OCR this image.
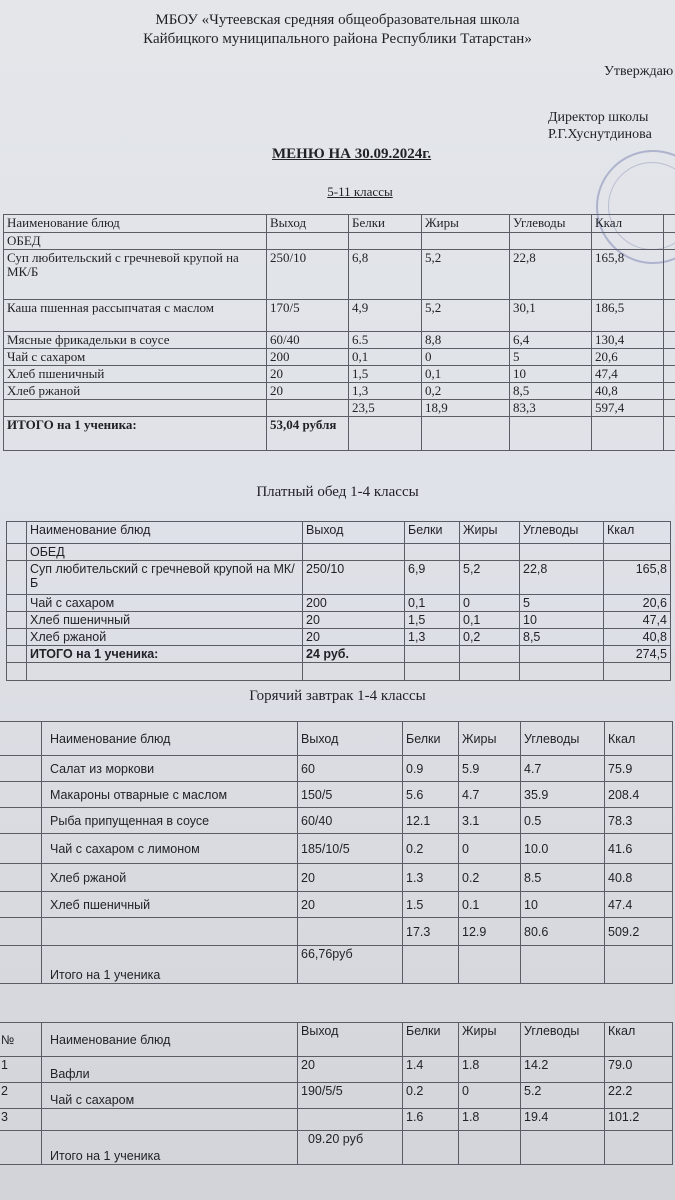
МБОУ «Чутеевская средняя общеобразовательная школа
Кайбицкого муниципального района Республики Татарстан»
Утверждаю
Директор школы
Р.Г.Хуснутдинова
МЕНЮ НА 30.09.2024г.
5-11 классы
Наименование блюд	Выход	Белки	Жиры	Углеводы	Ккал	
ОБЕД						
Суп любительский с гречневой крупой на МК/Б	250/10	6,8	5,2	22,8	165,8	
Каша пшенная рассыпчатая с маслом	170/5	4,9	5,2	30,1	186,5	
Мясные фрикадельки в соусе	60/40	6.5	8,8	6,4	130,4	
Чай с сахаром	200	0,1	0	5	20,6	
Хлеб пшеничный	20	1,5	0,1	10	47,4	
Хлеб ржаной	20	1,3	0,2	8,5	40,8	
		23,5	18,9	83,3	597,4	
ИТОГО на 1 ученика:	53,04 рубля					
Платный обед 1-4 классы
	Наименование блюд	Выход	Белки	Жиры	Углеводы	Ккал
	ОБЕД					
	Суп любительский с гречневой крупой на МК/Б	250/10	6,9	5,2	22,8	165,8
	Чай с сахаром	200	0,1	0	5	20,6
	Хлеб пшеничный	20	1,5	0,1	10	47,4
	Хлеб ржаной	20	1,3	0,2	8,5	40,8
	ИТОГО на 1 ученика:	24 руб.				274,5

Горячий завтрак 1-4 классы
	Наименование блюд	Выход	Белки	Жиры	Углеводы	Ккал
	Салат из моркови	60	0.9	5.9	4.7	75.9
	Макароны отварные с маслом	150/5	5.6	4.7	35.9	208.4
	Рыба припущенная в соусе	60/40	12.1	3.1	0.5	78.3
	Чай с сахаром с лимоном	185/10/5	0.2	0	10.0	41.6
	Хлеб ржаной	20	1.3	0.2	8.5	40.8
	Хлеб пшеничный	20	1.5	0.1	10	47.4
			17.3	12.9	80.6	509.2
	Итого на 1 ученика	66,76руб				
№	Наименование блюд	Выход	Белки	Жиры	Углеводы	Ккал
1	Вафли	20	1.4	1.8	14.2	79.0
2	Чай с сахаром	190/5/5	0.2	0	5.2	22.2
3			1.6	1.8	19.4	101.2
	Итого на 1 ученика	09.20 руб				
